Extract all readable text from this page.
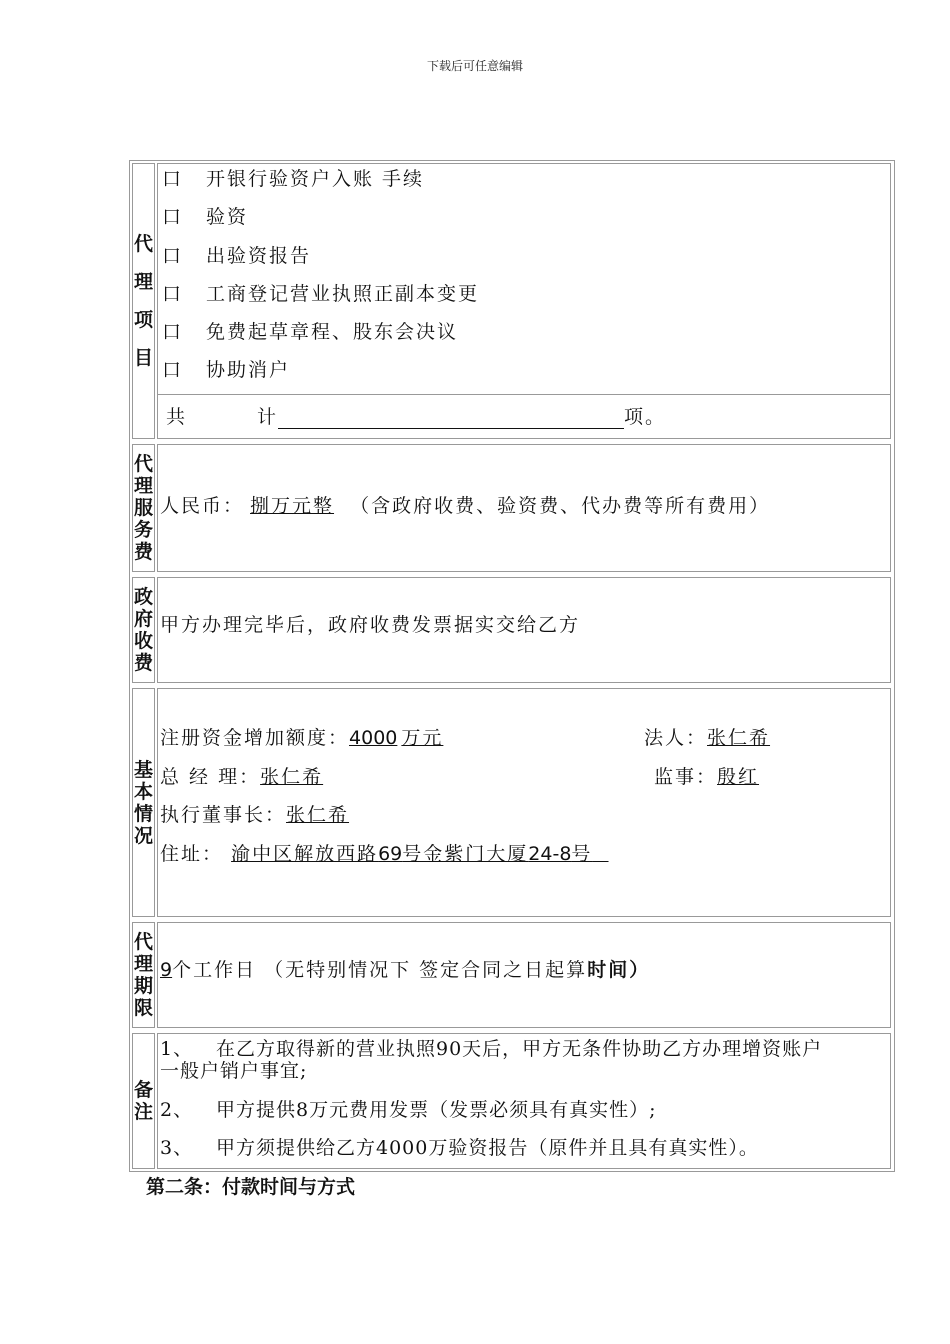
下载后可任意编辑
代理项目
口 开银行验资户入账 手续
口 验资
口 出验资报告
口 工商登记营业执照正副本变更
口 免费起草章程、股东会决议
口 协助消户
共	计	项。
代理服务费
人民币： 捌万元整 （含政府收费、验资费、代办费等所有费用）
政府收费
甲方办理完毕后，政府收费发票据实交给乙方
基本情况
注册资金增加额度：4000 万元	法人：张仁希
总 经 理：张仁希	监事：殷红
执行董事长：张仁希
住址： 渝中区解放西路69号金紫门大厦24-8号
代理期限
9个工作日 （无特别情况下 签定合同之日起算时间）
备注
1、 在乙方取得新的营业执照90天后，甲方无条件协助乙方办理增资账户
一般户销户事宜;
2、 甲方提供8万元费用发票（发票必须具有真实性）;
3、 甲方须提供给乙方4000万验资报告（原件并且具有真实性）。
第二条：付款时间与方式
